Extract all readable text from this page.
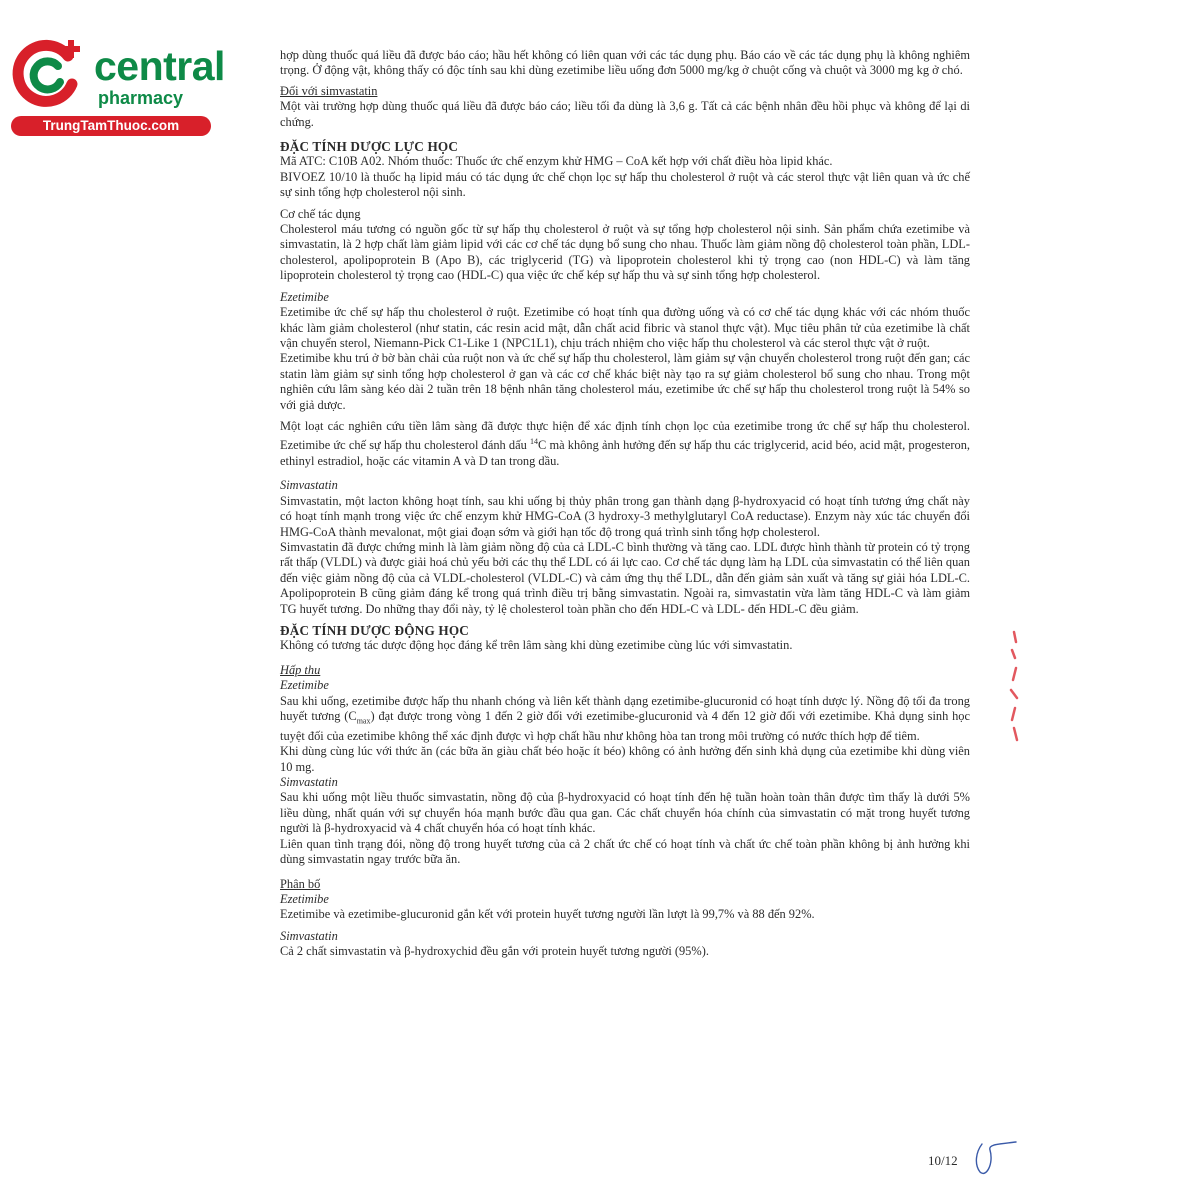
central
pharmacy
TrungTamThuoc.com

hợp dùng thuốc quá liều đã được báo cáo; hầu hết không có liên quan với các tác dụng phụ. Báo cáo về các tác dụng phụ là không nghiêm trọng. Ở động vật, không thấy có độc tính sau khi dùng ezetimibe liều uống đơn 5000 mg/kg ở chuột cống và chuột và 3000 mg kg ở chó.

Đối với simvastatin

Một vài trường hợp dùng thuốc quá liều đã được báo cáo; liều tối đa dùng là 3,6 g. Tất cả các bệnh nhân đều hồi phục và không để lại di chứng.

ĐẶC TÍNH DƯỢC LỰC HỌC

Mã ATC: C10B A02. Nhóm thuốc: Thuốc ức chế enzym khử HMG – CoA kết hợp với chất điều hòa lipid khác.

BIVOEZ 10/10 là thuốc hạ lipid máu có tác dụng ức chế chọn lọc sự hấp thu cholesterol ở ruột và các sterol thực vật liên quan và ức chế sự sinh tổng hợp cholesterol nội sinh.

Cơ chế tác dụng

Cholesterol máu tương có nguồn gốc từ sự hấp thụ cholesterol ở ruột và sự tổng hợp cholesterol nội sinh. Sản phẩm chứa ezetimibe và simvastatin, là 2 hợp chất làm giảm lipid với các cơ chế tác dụng bổ sung cho nhau. Thuốc làm giảm nồng độ cholesterol toàn phần, LDL-cholesterol, apolipoprotein B (Apo B), các triglycerid (TG) và lipoprotein cholesterol khi tỷ trọng cao (non HDL-C) và làm tăng lipoprotein cholesterol tỷ trọng cao (HDL-C) qua việc ức chế kép sự hấp thu và sự sinh tổng hợp cholesterol.

Ezetimibe

Ezetimibe ức chế sự hấp thu cholesterol ở ruột. Ezetimibe có hoạt tính qua đường uống và có cơ chế tác dụng khác với các nhóm thuốc khác làm giảm cholesterol (như statin, các resin acid mật, dẫn chất acid fibric và stanol thực vật). Mục tiêu phân tử của ezetimibe là chất vận chuyển sterol, Niemann-Pick C1-Like 1 (NPC1L1), chịu trách nhiệm cho việc hấp thu cholesterol và các sterol thực vật ở ruột.

Ezetimibe khu trú ở bờ bàn chải của ruột non và ức chế sự hấp thu cholesterol, làm giảm sự vận chuyển cholesterol trong ruột đến gan; các statin làm giảm sự sinh tổng hợp cholesterol ở gan và các cơ chế khác biệt này tạo ra sự giảm cholesterol bổ sung cho nhau. Trong một nghiên cứu lâm sàng kéo dài 2 tuần trên 18 bệnh nhân tăng cholesterol máu, ezetimibe ức chế sự hấp thu cholesterol trong ruột là 54% so với giả dược.

Một loạt các nghiên cứu tiền lâm sàng đã được thực hiện để xác định tính chọn lọc của ezetimibe trong ức chế sự hấp thu cholesterol. Ezetimibe ức chế sự hấp thu cholesterol đánh dấu $^{14}$C mà không ảnh hưởng đến sự hấp thu các triglycerid, acid béo, acid mật, progesteron, ethinyl estradiol, hoặc các vitamin A và D tan trong dầu.

Simvastatin

Simvastatin, một lacton không hoạt tính, sau khi uống bị thủy phân trong gan thành dạng β-hydroxyacid có hoạt tính tương ứng chất này có hoạt tính mạnh trong việc ức chế enzym khử HMG-CoA (3 hydroxy-3 methylglutaryl CoA reductase). Enzym này xúc tác chuyển đổi HMG-CoA thành mevalonat, một giai đoạn sớm và giới hạn tốc độ trong quá trình sinh tổng hợp cholesterol.

Simvastatin đã được chứng minh là làm giảm nồng độ của cả LDL-C bình thường và tăng cao. LDL được hình thành từ protein có tỷ trọng rất thấp (VLDL) và được giải hoá chủ yếu bởi các thụ thể LDL có ái lực cao. Cơ chế tác dụng làm hạ LDL của simvastatin có thể liên quan đến việc giảm nồng độ của cả VLDL-cholesterol (VLDL-C) và cảm ứng thụ thể LDL, dẫn đến giảm sản xuất và tăng sự giải hóa LDL-C. Apolipoprotein B cũng giảm đáng kể trong quá trình điều trị bằng simvastatin. Ngoài ra, simvastatin vừa làm tăng HDL-C và làm giảm TG huyết tương. Do những thay đổi này, tỷ lệ cholesterol toàn phần cho đến HDL-C và LDL- đến HDL-C đều giảm.

ĐẶC TÍNH DƯỢC ĐỘNG HỌC

Không có tương tác dược động học đáng kể trên lâm sàng khi dùng ezetimibe cùng lúc với simvastatin.

Hấp thu

Ezetimibe

Sau khi uống, ezetimibe được hấp thu nhanh chóng và liên kết thành dạng ezetimibe-glucuronid có hoạt tính dược lý. Nồng độ tối đa trong huyết tương $(C_{max})$ đạt được trong vòng 1 đến 2 giờ đối với ezetimibe-glucuronid và 4 đến 12 giờ đối với ezetimibe. Khả dụng sinh học tuyệt đối của ezetimibe không thể xác định được vì hợp chất hầu như không hòa tan trong môi trường có nước thích hợp để tiêm.

Khi dùng cùng lúc với thức ăn (các bữa ăn giàu chất béo hoặc ít béo) không có ảnh hưởng đến sinh khả dụng của ezetimibe khi dùng viên 10 mg.

Simvastatin

Sau khi uống một liều thuốc simvastatin, nồng độ của β-hydroxyacid có hoạt tính đến hệ tuần hoàn toàn thân được tìm thấy là dưới 5% liều dùng, nhất quán với sự chuyển hóa mạnh bước đầu qua gan. Các chất chuyển hóa chính của simvastatin có mặt trong huyết tương người là β-hydroxyacid và 4 chất chuyển hóa có hoạt tính khác.

Liên quan tình trạng đói, nồng độ trong huyết tương của cả 2 chất ức chế có hoạt tính và chất ức chế toàn phần không bị ảnh hưởng khi dùng simvastatin ngay trước bữa ăn.

Phân bố

Ezetimibe

Ezetimibe và ezetimibe-glucuronid gắn kết với protein huyết tương người lần lượt là 99,7% và 88 đến 92%.

Simvastatin

Cả 2 chất simvastatin và β-hydroxychid đều gắn với protein huyết tương người (95%).

10/12
